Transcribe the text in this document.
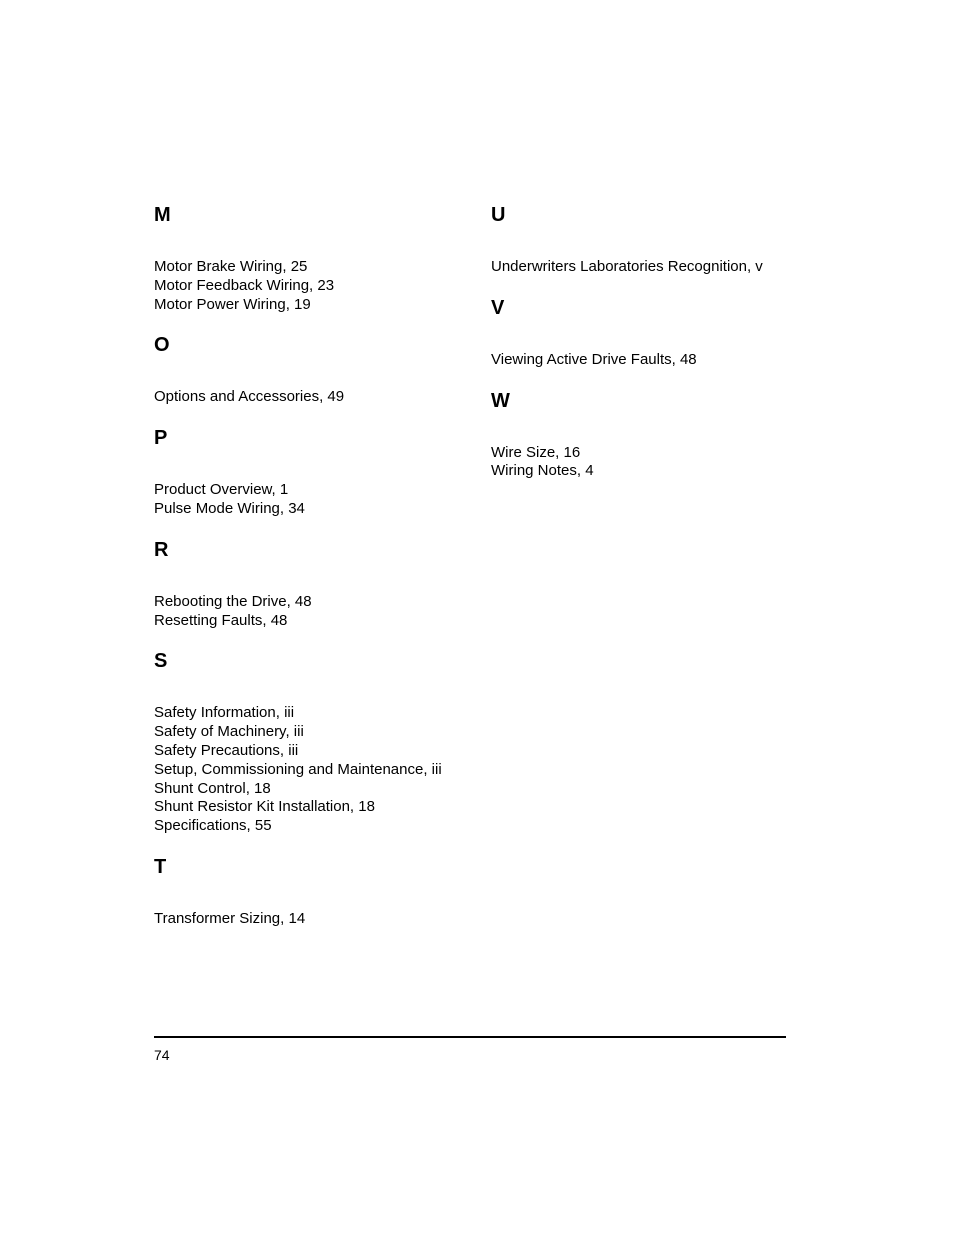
M
Motor Brake Wiring, 25
Motor Feedback Wiring, 23
Motor Power Wiring, 19
O
Options and Accessories, 49
P
Product Overview, 1
Pulse Mode Wiring, 34
R
Rebooting the Drive, 48
Resetting Faults, 48
S
Safety Information, iii
Safety of Machinery, iii
Safety Precautions, iii
Setup, Commissioning and Maintenance, iii
Shunt Control, 18
Shunt Resistor Kit Installation, 18
Specifications, 55
T
Transformer Sizing, 14
U
Underwriters Laboratories Recognition, v
V
Viewing Active Drive Faults, 48
W
Wire Size, 16
Wiring Notes, 4
74
